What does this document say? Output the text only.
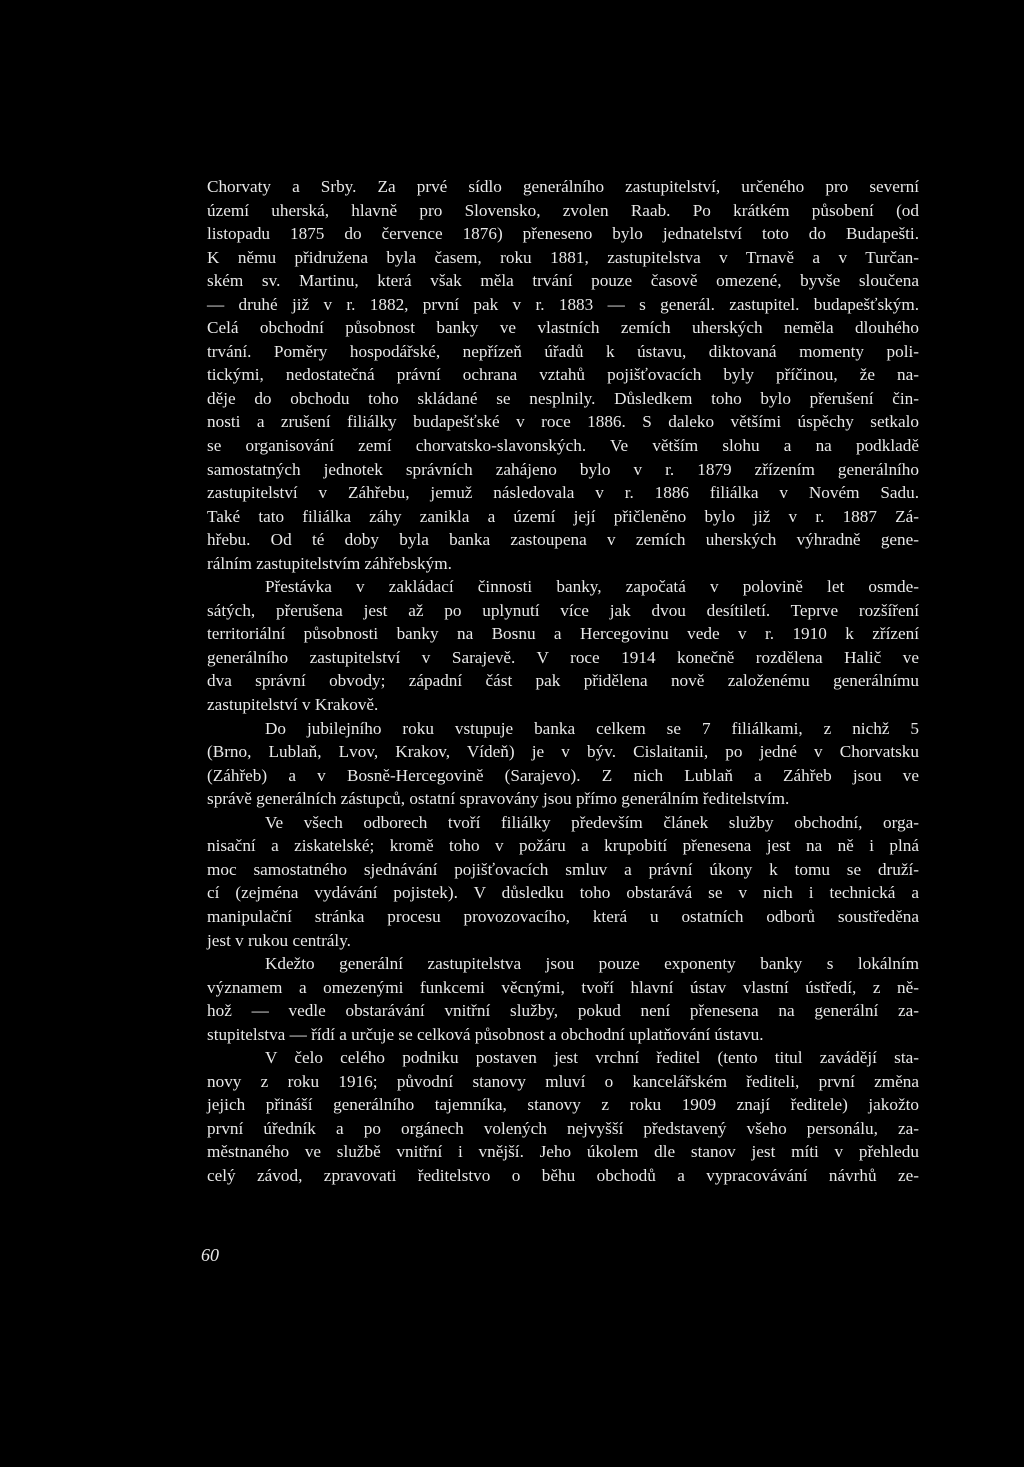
Chorvaty a Srby. Za prvé sídlo generálního zastupitelství, určeného pro severní
území uherská, hlavně pro Slovensko, zvolen Raab. Po krátkém působení (od
listopadu 1875 do července 1876) přeneseno bylo jednatelství toto do Budapešti.
K němu přidružena byla časem, roku 1881, zastupitelstva v Trnavě a v Turčan-
ském sv. Martinu, která však měla trvání pouze časově omezené, byvše sloučena
— druhé již v r. 1882, první pak v r. 1883 — s generál. zastupitel. budapešťským.
Celá obchodní působnost banky ve vlastních zemích uherských neměla dlouhého
trvání. Poměry hospodářské, nepřízeň úřadů k ústavu, diktovaná momenty poli-
tickými, nedostatečná právní ochrana vztahů pojišťovacích byly příčinou, že na-
děje do obchodu toho skládané se nesplnily. Důsledkem toho bylo přerušení čin-
nosti a zrušení filiálky budapešťské v roce 1886. S daleko většími úspěchy setkalo
se organisování zemí chorvatsko-slavonských. Ve větším slohu a na podkladě
samostatných jednotek správních zahájeno bylo v r. 1879 zřízením generálního
zastupitelství v Záhřebu, jemuž následovala v r. 1886 filiálka v Novém Sadu.
Také tato filiálka záhy zanikla a území její přičleněno bylo již v r. 1887 Zá-
hřebu. Od té doby byla banka zastoupena v zemích uherských výhradně gene-
rálním zastupitelstvím záhřebským.

Přestávka v zakládací činnosti banky, započatá v polovině let osmde-
sátých, přerušena jest až po uplynutí více jak dvou desítiletí. Teprve rozšíření
territoriální působnosti banky na Bosnu a Hercegovinu vede v r. 1910 k zřízení
generálního zastupitelství v Sarajevě. V roce 1914 konečně rozdělena Halič ve
dva správní obvody; západní část pak přidělena nově založenému generálnímu
zastupitelství v Krakově.

Do jubilejního roku vstupuje banka celkem se 7 filiálkami, z nichž 5
(Brno, Lublaň, Lvov, Krakov, Vídeň) je v býv. Cislaitanii, po jedné v Chorvatsku
(Záhřeb) a v Bosně-Hercegovině (Sarajevo). Z nich Lublaň a Záhřeb jsou ve
správě generálních zástupců, ostatní spravovány jsou přímo generálním ředitelstvím.

Ve všech odborech tvoří filiálky především článek služby obchodní, orga-
nisační a ziskatelské; kromě toho v požáru a krupobití přenesena jest na ně i plná
moc samostatného sjednávání pojišťovacích smluv a právní úkony k tomu se druží-
cí (zejména vydávání pojistek). V důsledku toho obstarává se v nich i technická a
manipulační stránka procesu provozovacího, která u ostatních odborů soustředěna
jest v rukou centrály.

Kdežto generální zastupitelstva jsou pouze exponenty banky s lokálním
významem a omezenými funkcemi věcnými, tvoří hlavní ústav vlastní ústředí, z ně-
hož — vedle obstarávání vnitřní služby, pokud není přenesena na generální za-
stupitelstva — řídí a určuje se celková působnost a obchodní uplatňování ústavu.

V čelo celého podniku postaven jest vrchní ředitel (tento titul zavádějí sta-
novy z roku 1916; původní stanovy mluví o kancelářském řediteli, první změna
jejich přináší generálního tajemníka, stanovy z roku 1909 znají ředitele) jakožto
první úředník a po orgánech volených nejvyšší představený všeho personálu, za-
městnaného ve službě vnitřní i vnější. Jeho úkolem dle stanov jest míti v přehledu
celý závod, zpravovati ředitelstvo o běhu obchodů a vypracovávání návrhů ze-

60
